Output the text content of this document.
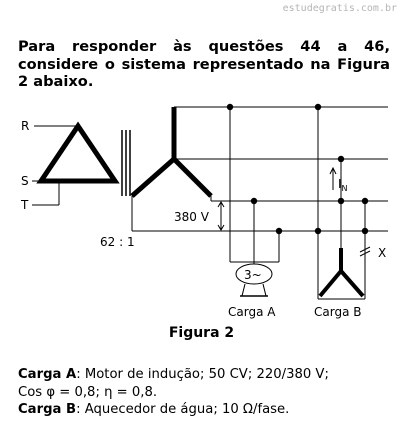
estudegratis.com.br
Para responder às questões 44 a 46, considere o sistema representado na Figura 2 abaixo.
R
S
T
62 : 1
380 V
$I_N$
3~
X
Carga A	Carga B
Figura 2
Carga A: Motor de indução; 50 CV; 220/380 V;
Cos φ = 0,8; η = 0,8.
Carga B: Aquecedor de água; 10 Ω/fase.
